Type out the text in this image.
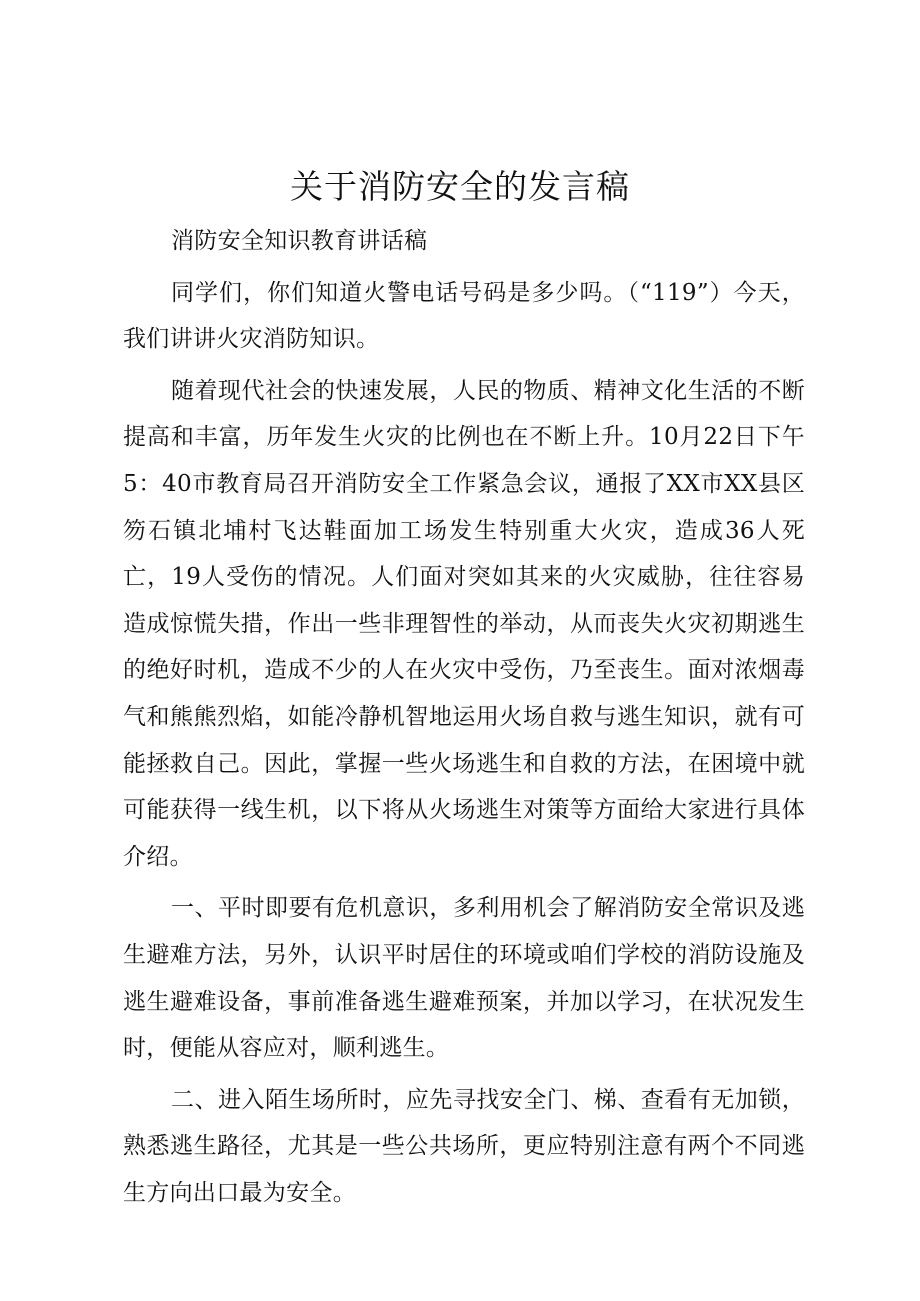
关于消防安全的发言稿

消防安全知识教育讲话稿

同学们，你们知道火警电话号码是多少吗。（“119”）今天，我们讲讲火灾消防知识。

随着现代社会的快速发展，人民的物质、精神文化生活的不断提高和丰富，历年发生火灾的比例也在不断上升。10月22日下午5：40市教育局召开消防安全工作紧急会议，通报了XX市XX县区笏石镇北埔村飞达鞋面加工场发生特别重大火灾，造成36人死亡，19人受伤的情况。人们面对突如其来的火灾威胁，往往容易造成惊慌失措，作出一些非理智性的举动，从而丧失火灾初期逃生的绝好时机，造成不少的人在火灾中受伤，乃至丧生。面对浓烟毒气和熊熊烈焰，如能冷静机智地运用火场自救与逃生知识，就有可能拯救自己。因此，掌握一些火场逃生和自救的方法，在困境中就可能获得一线生机，以下将从火场逃生对策等方面给大家进行具体介绍。

一、平时即要有危机意识，多利用机会了解消防安全常识及逃生避难方法，另外，认识平时居住的环境或咱们学校的消防设施及逃生避难设备，事前准备逃生避难预案，并加以学习，在状况发生时，便能从容应对，顺利逃生。

二、进入陌生场所时，应先寻找安全门、梯、查看有无加锁，熟悉逃生路径，尤其是一些公共场所，更应特别注意有两个不同逃生方向出口最为安全。
